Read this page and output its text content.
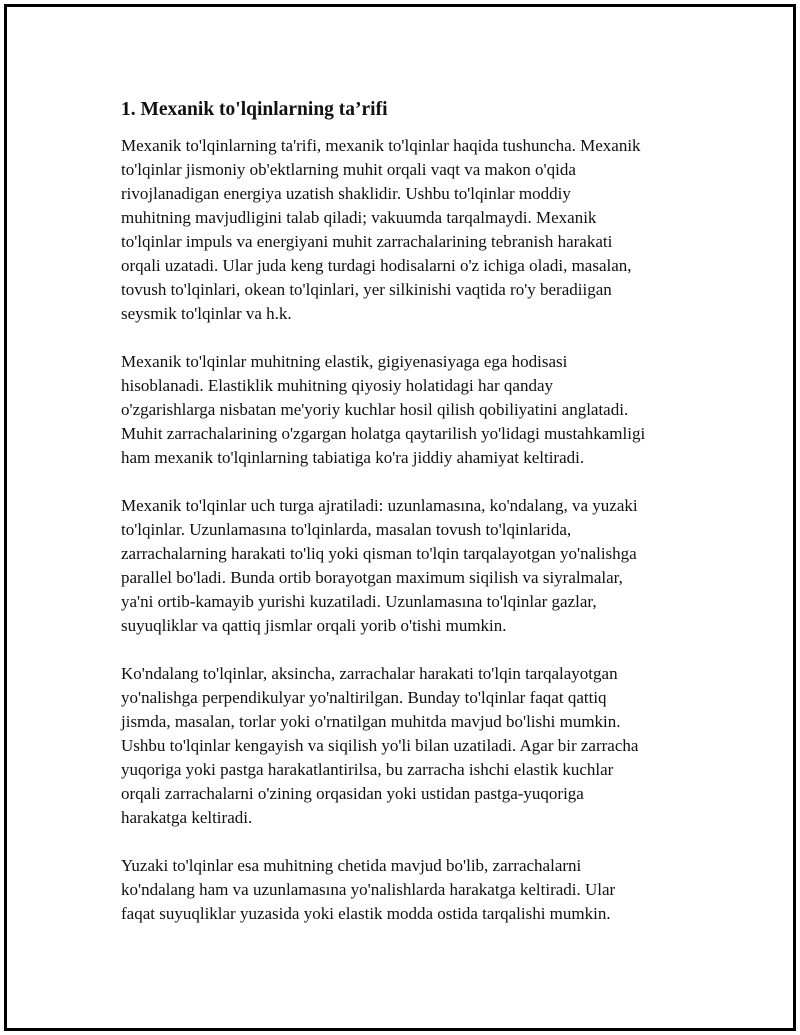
1. Mexanik to'lqinlarning ta’rifi

Mexanik to'lqinlarning ta'rifi, mexanik to'lqinlar haqida tushuncha. Mexanik
to'lqinlar jismoniy ob'ektlarning muhit orqali vaqt va makon o'qida
rivojlanadigan energiya uzatish shaklidir. Ushbu to'lqinlar moddiy
muhitning mavjudligini talab qiladi; vakuumda tarqalmaydi. Mexanik
to'lqinlar impuls va energiyani muhit zarrachalarining tebranish harakati
orqali uzatadi. Ular juda keng turdagi hodisalarni o'z ichiga oladi, masalan,
tovush to'lqinlari, okean to'lqinlari, yer silkinishi vaqtida ro'y beradiigan
seysmik to'lqinlar va h.k.

Mexanik to'lqinlar muhitning elastik, gigiyenasiyaga ega hodisasi
hisoblanadi. Elastiklik muhitning qiyosiy holatidagi har qanday
o'zgarishlarga nisbatan me'yoriy kuchlar hosil qilish qobiliyatini anglatadi.
Muhit zarrachalarining o'zgargan holatga qaytarilish yo'lidagi mustahkamligi
ham mexanik to'lqinlarning tabiatiga ko'ra jiddiy ahamiyat keltiradi.

Mexanik to'lqinlar uch turga ajratiladi: uzunlamasına, ko'ndalang, va yuzaki
to'lqinlar. Uzunlamasına to'lqinlarda, masalan tovush to'lqinlarida,
zarrachalarning harakati to'liq yoki qisman to'lqin tarqalayotgan yo'nalishga
parallel bo'ladi. Bunda ortib borayotgan maximum siqilish va siyralmalar,
ya'ni ortib-kamayib yurishi kuzatiladi. Uzunlamasına to'lqinlar gazlar,
suyuqliklar va qattiq jismlar orqali yorib o'tishi mumkin.

Ko'ndalang to'lqinlar, aksincha, zarrachalar harakati to'lqin tarqalayotgan
yo'nalishga perpendikulyar yo'naltirilgan. Bunday to'lqinlar faqat qattiq
jismda, masalan, torlar yoki o'rnatilgan muhitda mavjud bo'lishi mumkin.
Ushbu to'lqinlar kengayish va siqilish yo'li bilan uzatiladi. Agar bir zarracha
yuqoriga yoki pastga harakatlantirilsa, bu zarracha ishchi elastik kuchlar
orqali zarrachalarni o'zining orqasidan yoki ustidan pastga-yuqoriga
harakatga keltiradi.

Yuzaki to'lqinlar esa muhitning chetida mavjud bo'lib, zarrachalarni
ko'ndalang ham va uzunlamasına yo'nalishlarda harakatga keltiradi. Ular
faqat suyuqliklar yuzasida yoki elastik modda ostida tarqalishi mumkin.
